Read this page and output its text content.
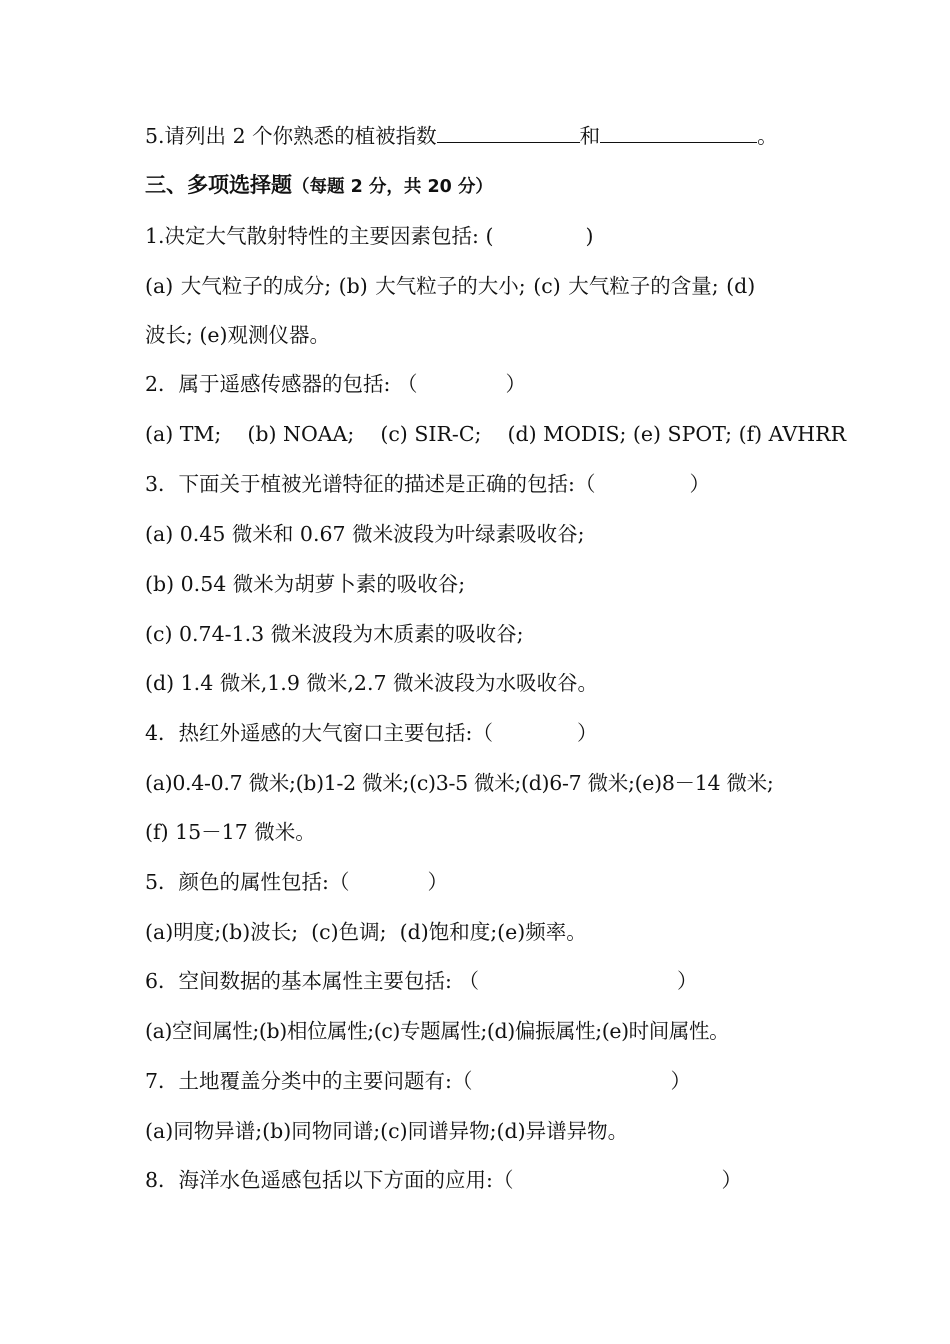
5.请列出 2 个你熟悉的植被指数	和	。
三、多项选择题（每题 2 分，共 20 分）
1.决定大气散射特性的主要因素包括: (	)
(a) 大气粒子的成分; (b) 大气粒子的大小; (c) 大气粒子的含量; (d)
波长; (e)观测仪器。
2．属于遥感传感器的包括: （	）
(a) TM;    (b) NOAA;    (c) SIR-C;    (d) MODIS; (e) SPOT; (f) AVHRR
3．下面关于植被光谱特征的描述是正确的包括:（	）
(a) 0.45 微米和 0.67 微米波段为叶绿素吸收谷;
(b) 0.54 微米为胡萝卜素的吸收谷;
(c) 0.74-1.3 微米波段为木质素的吸收谷;
(d) 1.4 微米,1.9 微米,2.7 微米波段为水吸收谷。
4．热红外遥感的大气窗口主要包括:（	）
(a)0.4-0.7 微米;(b)1-2 微米;(c)3-5 微米;(d)6-7 微米;(e)8－14 微米;
(f) 15－17 微米。
5．颜色的属性包括:（	）
(a)明度;(b)波长;  (c)色调;  (d)饱和度;(e)频率。
6．空间数据的基本属性主要包括: （	）
(a)空间属性;(b)相位属性;(c)专题属性;(d)偏振属性;(e)时间属性。
7．土地覆盖分类中的主要问题有:（	）
(a)同物异谱;(b)同物同谱;(c)同谱异物;(d)异谱异物。
8．海洋水色遥感包括以下方面的应用:（	）
